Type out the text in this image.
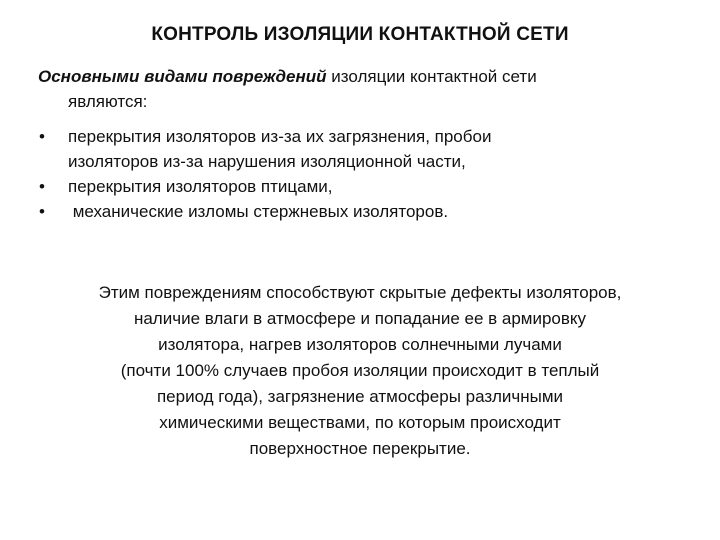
КОНТРОЛЬ ИЗОЛЯЦИИ КОНТАКТНОЙ СЕТИ
Основными видами повреждений изоляции контактной сети
являются:
• перекрытия изоляторов из-за их загрязнения, пробои
изоляторов из-за нарушения изоляционной части,
• перекрытия изоляторов птицами,
• механические изломы стержневых изоляторов.
Этим повреждениям способствуют скрытые дефекты изоляторов,
наличие влаги в атмосфере и попадание ее в армировку
изолятора, нагрев изоляторов солнечными лучами
(почти 100% случаев пробоя изоляции происходит в теплый
период года), загрязнение атмосферы различными
химическими веществами, по которым происходит
поверхностное перекрытие.
